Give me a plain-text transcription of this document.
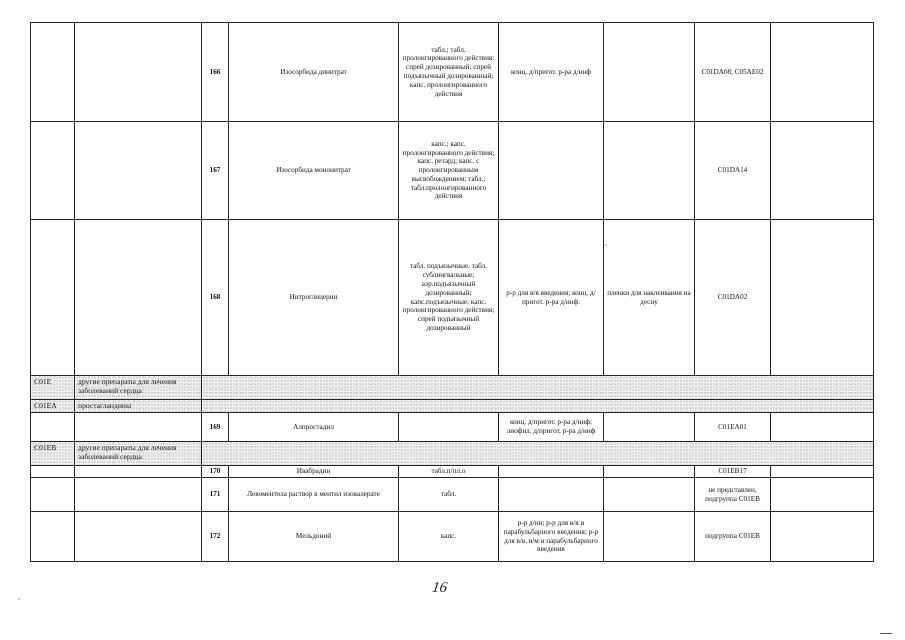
		166	Изосорбида динитрат	табл.; табл. пролонгированного действия; спрей дозированный; спрей подъязычный дозированный; капс. пролонгированного действия	конц. д/пригот. р-ра д/инф		C01DA08, C05AE02	
		167	Изосорбида мононитрат	капс.; капс. пролонгированного действия; капс. ретард; капс. с пролонгированным высвобождением; табл.; табл.пролонгированного действия			C01DA14	
		168	Нитроглицерин	табл. подъязычные, табл. сублингвальные; аэр.подъязычный дозированный; капс.подъязычные; капс. пролонгированного действия; спрей подъязычный дозированный	р-р для в/в введения; конц. д/пригот. р-ра д/инф.	пленки для наклеивания на десну	C01DA02	
C01E	другие препараты для лечения заболеваний сердца							
C01EA	простагландины							
		169	Алпростадил		конц. д/пригот. р-ра д/инф; лиофил. д/пригот. р-ра д/инф		C01EA01	
C01EB	другие препараты для лечения заболеваний сердца							
		170	Ивабрадин	табл.п/пл.о			C01EB17	
		171	Левоментола раствор в ментил изовалерате	табл.			не представлен, подгруппа C01EB	
		172	Мельдоний	капс.	р-р д/ин; р-р для в/в и парабульбарного введения; р-р для в/в, в/м и парабульбарного введения		подгруппа C01EB	
16
